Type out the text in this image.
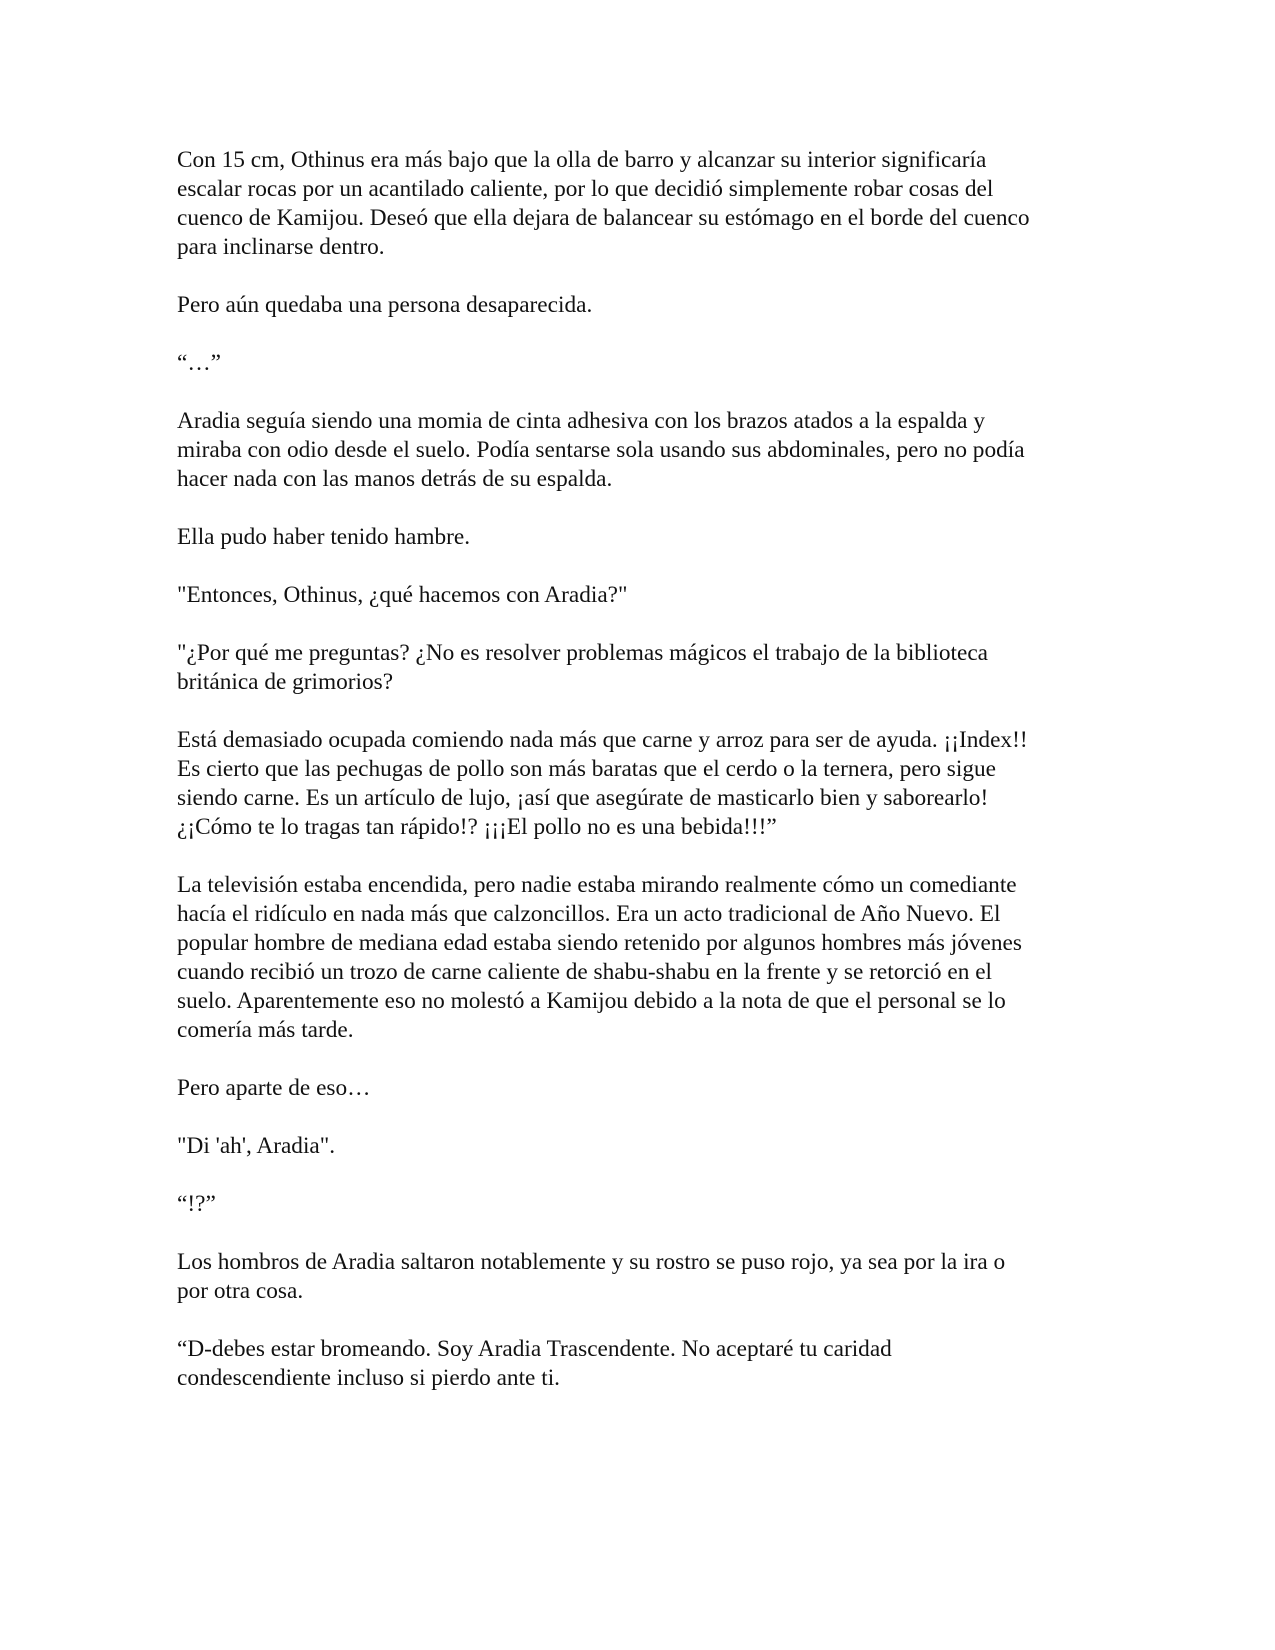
Con 15 cm, Othinus era más bajo que la olla de barro y alcanzar su interior significaría
escalar rocas por un acantilado caliente, por lo que decidió simplemente robar cosas del
cuenco de Kamijou. Deseó que ella dejara de balancear su estómago en el borde del cuenco
para inclinarse dentro.

Pero aún quedaba una persona desaparecida.

“…”

Aradia seguía siendo una momia de cinta adhesiva con los brazos atados a la espalda y
miraba con odio desde el suelo. Podía sentarse sola usando sus abdominales, pero no podía
hacer nada con las manos detrás de su espalda.

Ella pudo haber tenido hambre.

"Entonces, Othinus, ¿qué hacemos con Aradia?"

"¿Por qué me preguntas? ¿No es resolver problemas mágicos el trabajo de la biblioteca
británica de grimorios?

Está demasiado ocupada comiendo nada más que carne y arroz para ser de ayuda. ¡¡Index!!
Es cierto que las pechugas de pollo son más baratas que el cerdo o la ternera, pero sigue
siendo carne. Es un artículo de lujo, ¡así que asegúrate de masticarlo bien y saborearlo!
¿¡Cómo te lo tragas tan rápido!? ¡¡¡El pollo no es una bebida!!!”

La televisión estaba encendida, pero nadie estaba mirando realmente cómo un comediante
hacía el ridículo en nada más que calzoncillos. Era un acto tradicional de Año Nuevo. El
popular hombre de mediana edad estaba siendo retenido por algunos hombres más jóvenes
cuando recibió un trozo de carne caliente de shabu-shabu en la frente y se retorció en el
suelo. Aparentemente eso no molestó a Kamijou debido a la nota de que el personal se lo
comería más tarde.

Pero aparte de eso…

"Di 'ah', Aradia".

“!?”

Los hombros de Aradia saltaron notablemente y su rostro se puso rojo, ya sea por la ira o
por otra cosa.

“D-debes estar bromeando. Soy Aradia Trascendente. No aceptaré tu caridad
condescendiente incluso si pierdo ante ti.
